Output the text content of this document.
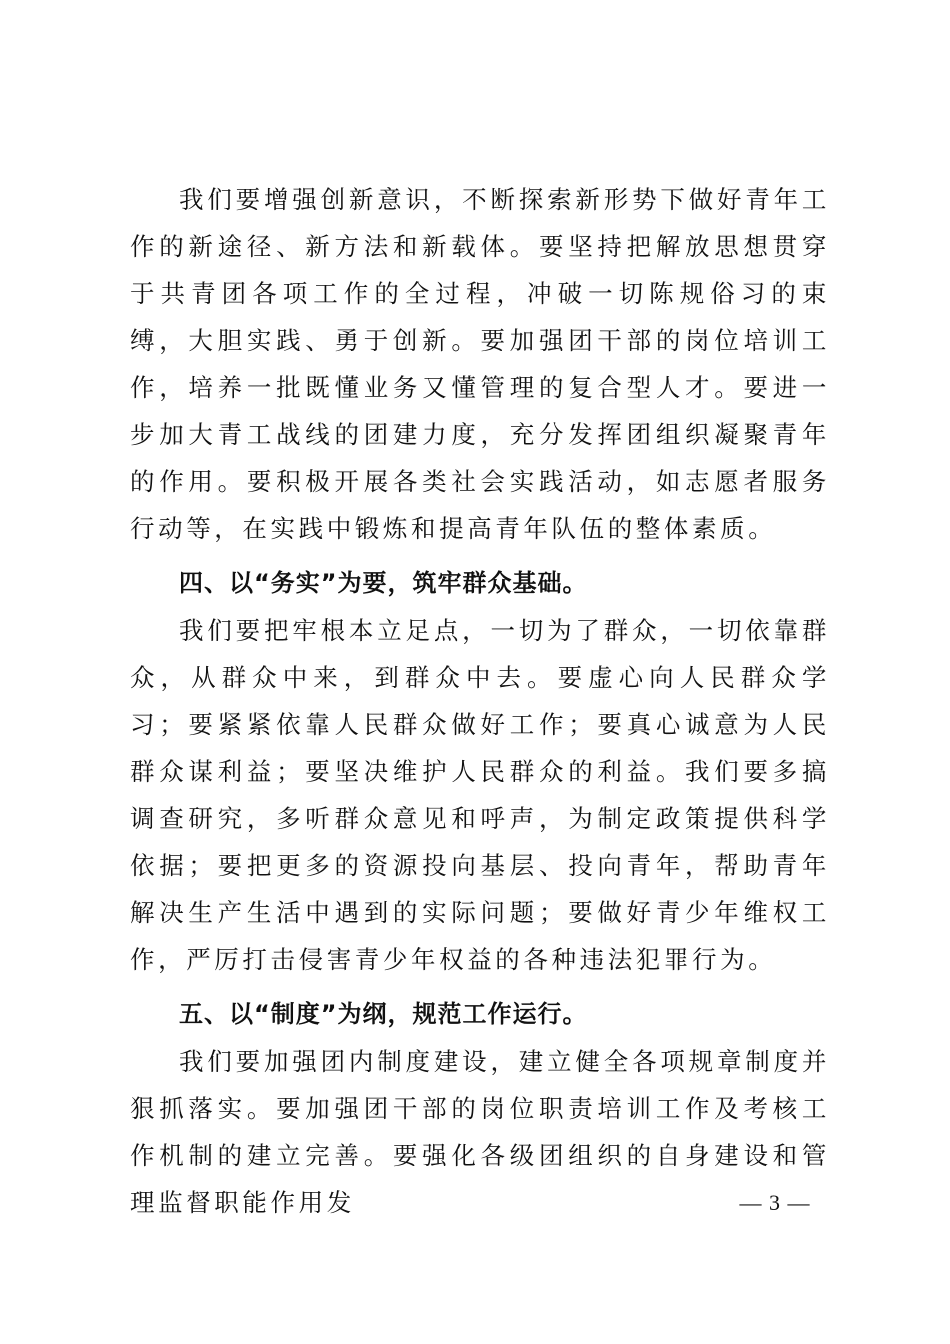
我们要增强创新意识，不断探索新形势下做好青年工作的新途径、新方法和新载体。要坚持把解放思想贯穿于共青团各项工作的全过程，冲破一切陈规俗习的束缚，大胆实践、勇于创新。要加强团干部的岗位培训工作，培养一批既懂业务又懂管理的复合型人才。要进一步加大青工战线的团建力度，充分发挥团组织凝聚青年的作用。要积极开展各类社会实践活动，如志愿者服务行动等，在实践中锻炼和提高青年队伍的整体素质。

四、以“务实”为要，筑牢群众基础。

我们要把牢根本立足点，一切为了群众，一切依靠群众，从群众中来，到群众中去。要虚心向人民群众学习；要紧紧依靠人民群众做好工作；要真心诚意为人民群众谋利益；要坚决维护人民群众的利益。我们要多搞调查研究，多听群众意见和呼声，为制定政策提供科学依据；要把更多的资源投向基层、投向青年，帮助青年解决生产生活中遇到的实际问题；要做好青少年维权工作，严厉打击侵害青少年权益的各种违法犯罪行为。

五、以“制度”为纲，规范工作运行。

我们要加强团内制度建设，建立健全各项规章制度并狠抓落实。要加强团干部的岗位职责培训工作及考核工作机制的建立完善。要强化各级团组织的自身建设和管理监督职能作用发	— 3 —
